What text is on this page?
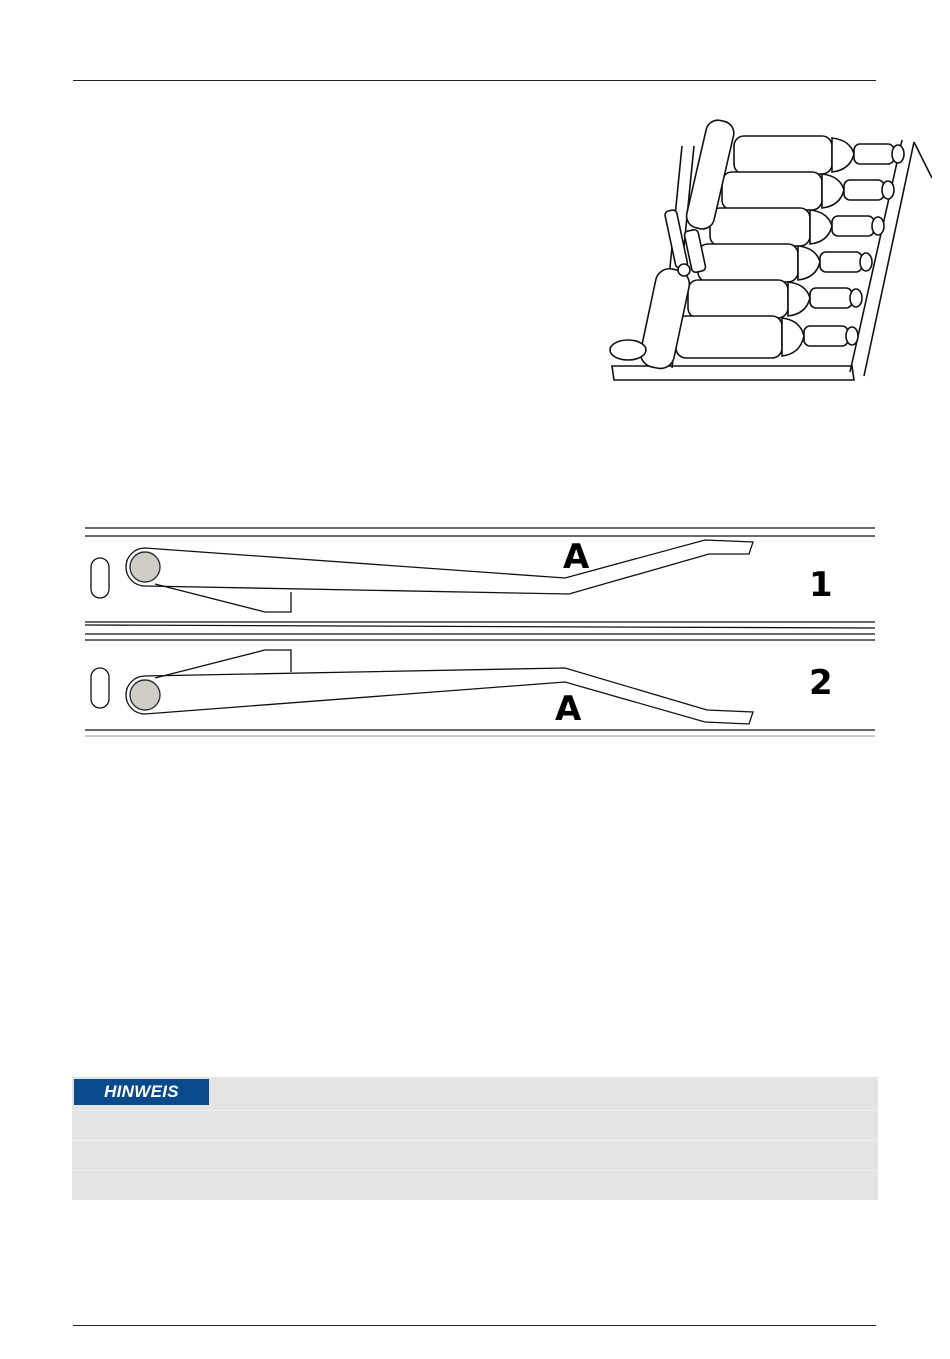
A
1
2
A
HINWEIS
